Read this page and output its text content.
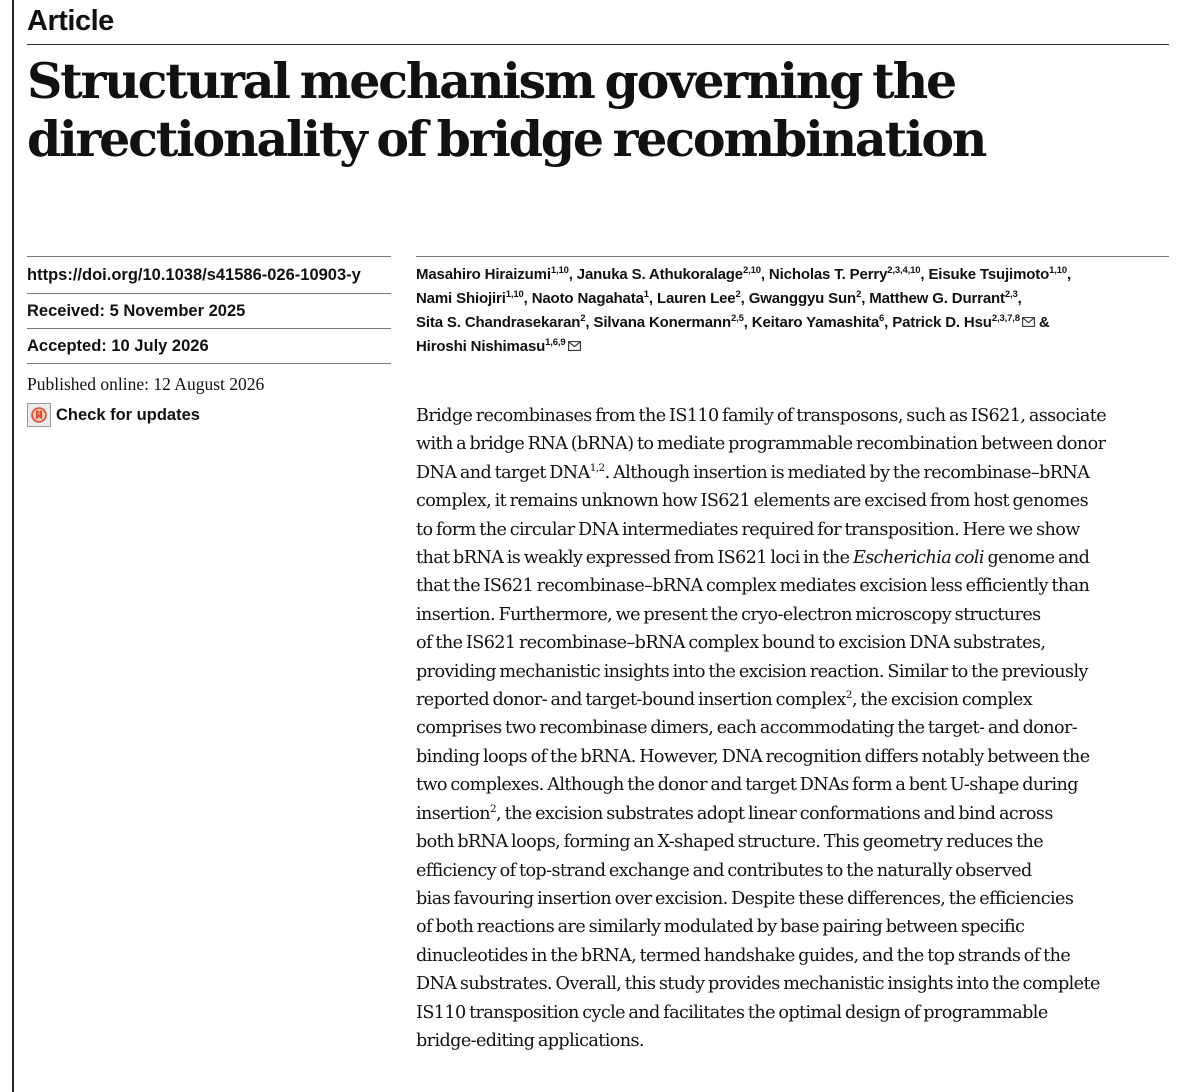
Article
Structural mechanism governing the
directionality of bridge recombination
https://doi.org/10.1038/s41586-026-10903-y
Received: 5 November 2025
Accepted: 10 July 2026
Published online: 12 August 2026
Check for updates

Masahiro Hiraizumi$^{1,10}$, Januka S. Athukoralage$^{2,10}$, Nicholas T. Perry$^{2,3,4,10}$, Eisuke Tsujimoto$^{1,10}$, Nami Shiojiri$^{1,10}$, Naoto Nagahata$^1$, Lauren Lee$^2$, Gwanggyu Sun$^2$, Matthew G. Durrant$^{2,3}$, Sita S. Chandrasekaran$^2$, Silvana Konermann$^{2,5}$, Keitaro Yamashita$^6$, Patrick D. Hsu$^{2,3,7,8}$ & Hiroshi Nishimasu$^{1,6,9}$

Bridge recombinases from the IS110 family of transposons, such as IS621, associate
with a bridge RNA (bRNA) to mediate programmable recombination between donor
DNA and target DNA$^{1,2}$. Although insertion is mediated by the recombinase–bRNA
complex, it remains unknown how IS621 elements are excised from host genomes
to form the circular DNA intermediates required for transposition. Here we show
that bRNA is weakly expressed from IS621 loci in the Escherichia coli genome and
that the IS621 recombinase–bRNA complex mediates excision less efficiently than
insertion. Furthermore, we present the cryo-electron microscopy structures
of the IS621 recombinase–bRNA complex bound to excision DNA substrates,
providing mechanistic insights into the excision reaction. Similar to the previously
reported donor- and target-bound insertion complex$^2$, the excision complex
comprises two recombinase dimers, each accommodating the target- and donor-
binding loops of the bRNA. However, DNA recognition differs notably between the
two complexes. Although the donor and target DNAs form a bent U-shape during
insertion$^2$, the excision substrates adopt linear conformations and bind across
both bRNA loops, forming an X-shaped structure. This geometry reduces the
efficiency of top-strand exchange and contributes to the naturally observed
bias favouring insertion over excision. Despite these differences, the efficiencies
of both reactions are similarly modulated by base pairing between specific
dinucleotides in the bRNA, termed handshake guides, and the top strands of the
DNA substrates. Overall, this study provides mechanistic insights into the complete
IS110 transposition cycle and facilitates the optimal design of programmable
bridge-editing applications.
